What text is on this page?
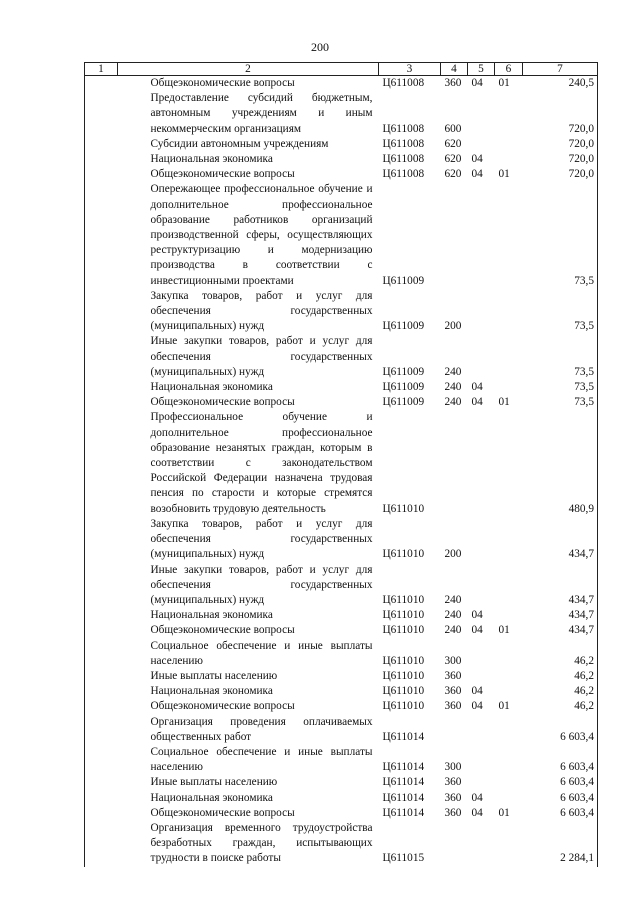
200
1	2	3	4	5	6	7
	Общеэкономические вопросы	Ц611008	360	04	01	240,5
	Предоставление субсидий бюджетным, автономным учреждениям и иным некоммерческим организациям	Ц611008	600			720,0
	Субсидии автономным учреждениям	Ц611008	620			720,0
	Национальная экономика	Ц611008	620	04		720,0
	Общеэкономические вопросы	Ц611008	620	04	01	720,0
	Опережающее профессиональное обучение и дополнительное профессиональное образование работников организаций производственной сферы, осуществляющих реструктуризацию и модернизацию производства в соответствии с инвестиционными проектами	Ц611009				73,5
	Закупка товаров, работ и услуг для обеспечения государственных (муниципальных) нужд	Ц611009	200			73,5
	Иные закупки товаров, работ и услуг для обеспечения государственных (муниципальных) нужд	Ц611009	240			73,5
	Национальная экономика	Ц611009	240	04		73,5
	Общеэкономические вопросы	Ц611009	240	04	01	73,5
	Профессиональное обучение и дополнительное профессиональное образование незанятых граждан, которым в соответствии с законодательством Российской Федерации назначена трудовая пенсия по старости и которые стремятся возобновить трудовую деятельность	Ц611010				480,9
	Закупка товаров, работ и услуг для обеспечения государственных (муниципальных) нужд	Ц611010	200			434,7
	Иные закупки товаров, работ и услуг для обеспечения государственных (муниципальных) нужд	Ц611010	240			434,7
	Национальная экономика	Ц611010	240	04		434,7
	Общеэкономические вопросы	Ц611010	240	04	01	434,7
	Социальное обеспечение и иные выплаты населению	Ц611010	300			46,2
	Иные выплаты населению	Ц611010	360			46,2
	Национальная экономика	Ц611010	360	04		46,2
	Общеэкономические вопросы	Ц611010	360	04	01	46,2
	Организация проведения оплачиваемых общественных работ	Ц611014				6 603,4
	Социальное обеспечение и иные выплаты населению	Ц611014	300			6 603,4
	Иные выплаты населению	Ц611014	360			6 603,4
	Национальная экономика	Ц611014	360	04		6 603,4
	Общеэкономические вопросы	Ц611014	360	04	01	6 603,4
	Организация временного трудоустройства безработных граждан, испытывающих трудности в поиске работы	Ц611015				2 284,1
